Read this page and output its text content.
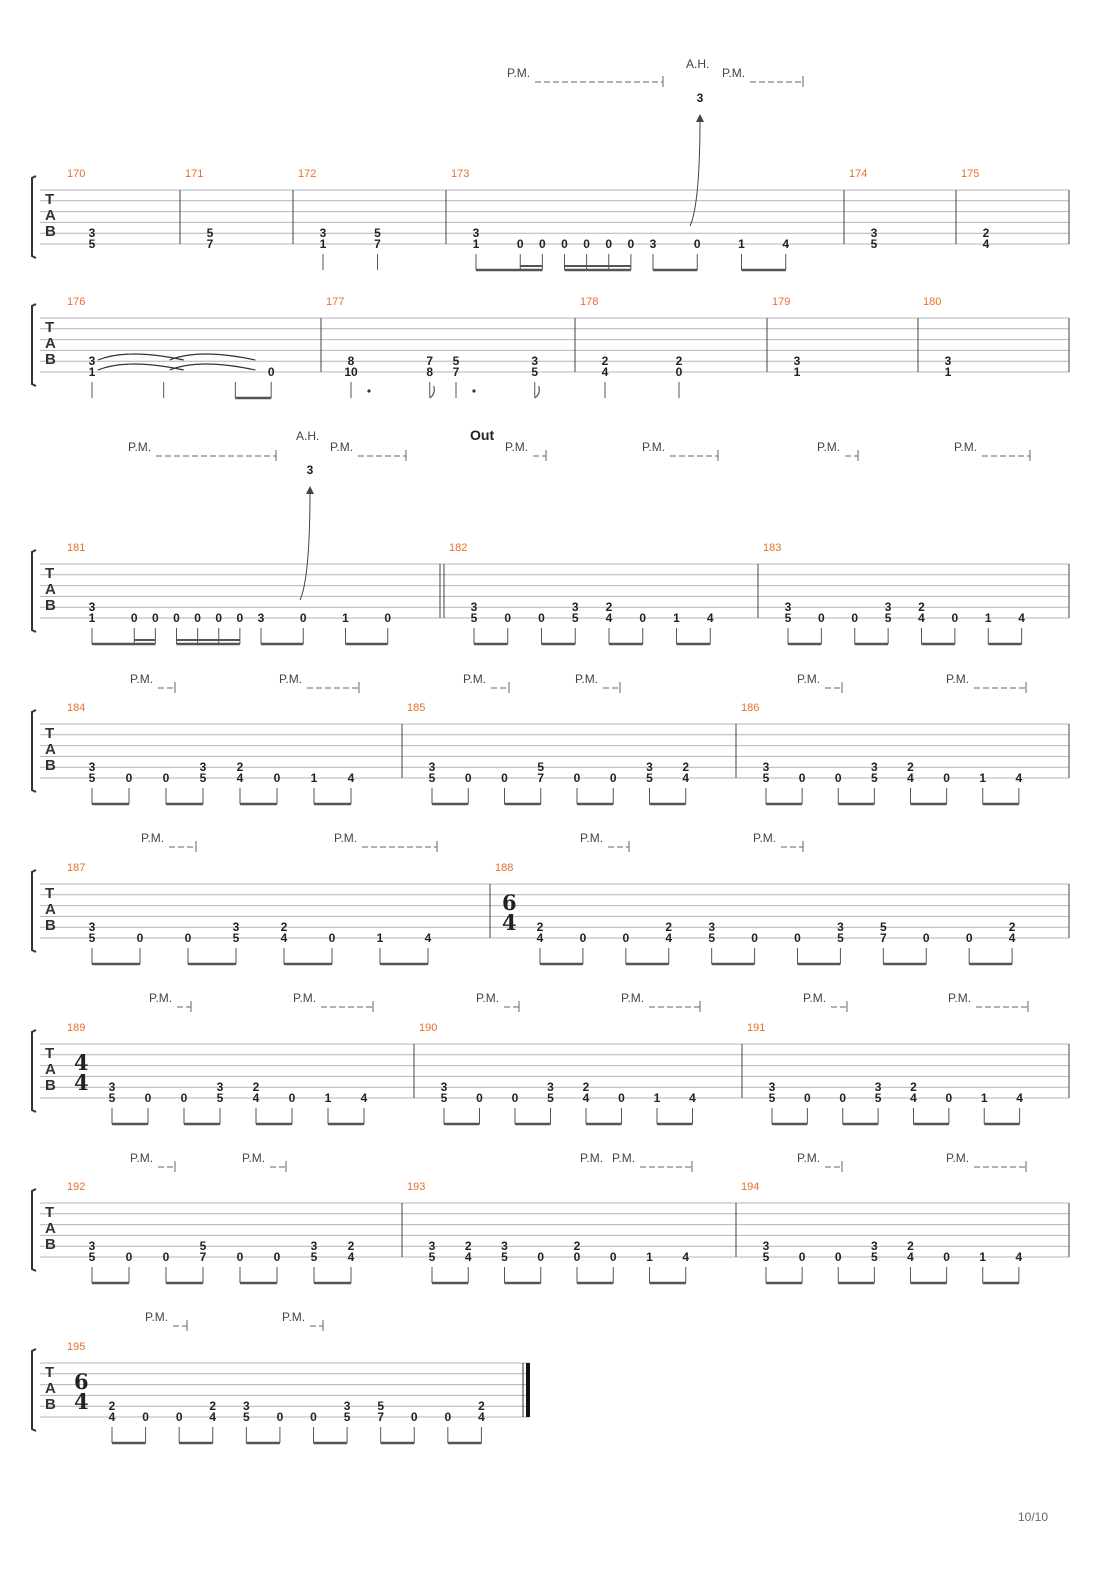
T
A
B
170
3
5
171
5
7
172
3
1
5
7
173
3
1	0 0 0 0 0 0 3	0	1	4
174
3
5
175
2
4
P.M.	P.M.
A.H.
3
T
A
B
176
3
1	0
177
8
10
7
8
5
7
3
5
178
2
4
2
0
179
3
1
180
3
1
T
A
B
181
3
1	0 0 0 0 0 0 3	0	1	0
182
3
5 0 0
3
5
2
4 0 1 4
183
3
5 0 0
3
5
2
4 0 1 4
P.M.	P.M.	P.M.	P.M.	P.M.	P.M.
A.H.
3
Out
T
A
B
184
3
5	0	0
3
5
2
4	0	1	4
185
3
5 0 0
5
7 0 0
3
5
2
4
186
3
5 0 0
3
5
2
4 0 1 4
P.M.	P.M.	P.M.	P.M.	P.M.	P.M.
T
A
B
187
3
5	0	0
3
5
2
4	0	1	4
188
6
4 2
4	0	0
2
4
3
5	0	0
3
5
5
7	0	0
2
4
P.M.	P.M.	P.M.	P.M.
T
A
B
189
4
4 3
5 0 0
3
5
2
4 0 1 4
190
3
5 0 0
3
5
2
4 0 1 4
191
3
5 0 0
3
5
2
4 0 1 4
P.M.	P.M.	P.M.	P.M.	P.M.	P.M.
T
A
B
192
3
5	0	0
5
7	0	0
3
5
2
4
193
3
5
2
4
3
5 0
2
0 0 1 4
194
3
5 0 0
3
5
2
4 0 1 4
P.M.	P.M.	P.M. P.M.	P.M.	P.M.
T
A
B
195
6
4 2
4 0 0
2
4
3
5 0 0
3
5
5
7 0 0
2
4
P.M.	P.M.
10/10
